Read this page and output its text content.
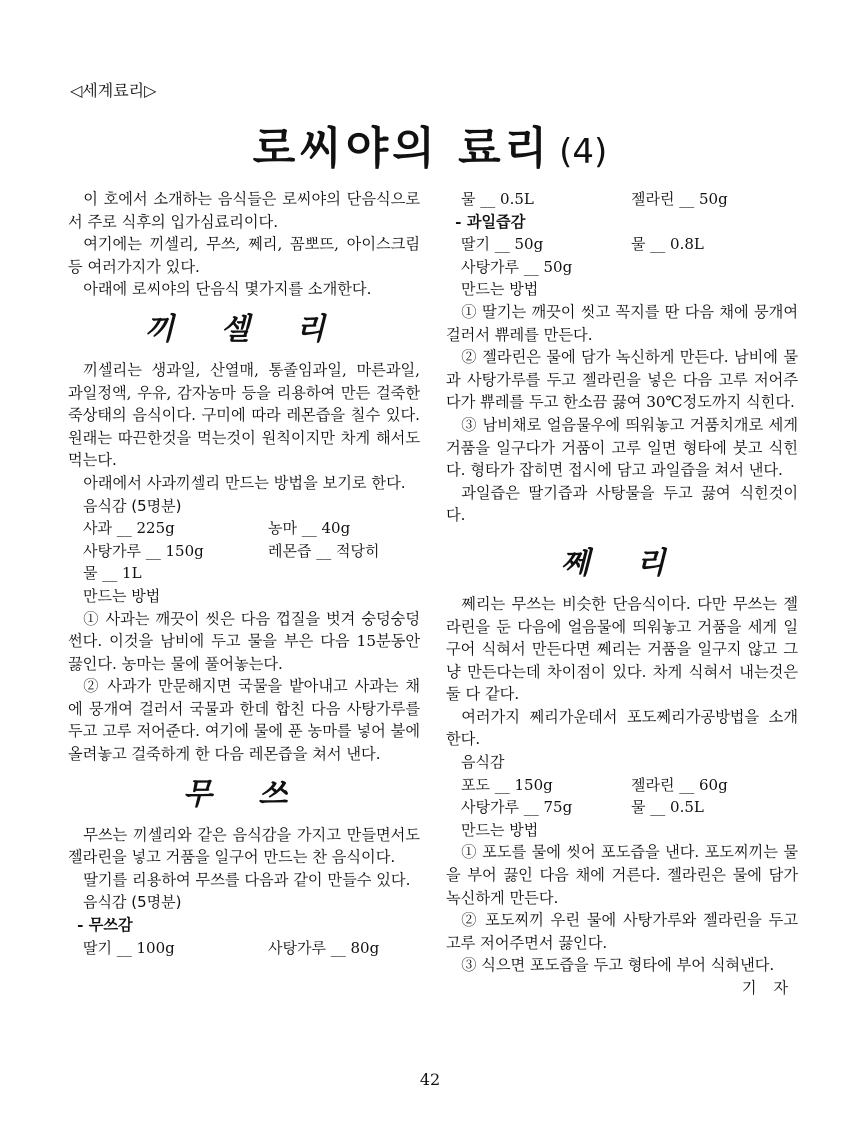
◁세계료리▷
로씨야의 료리 (4)

이 호에서 소개하는 음식들은 로씨야의 단음식으로서 주로 식후의 입가심료리이다.

여기에는 끼셀리, 무쓰, 쩨리, 꼼뽀뜨, 아이스크림 등 여러가지가 있다.

아래에 로씨야의 단음식 몇가지를 소개한다.

끼 셀 리

끼셀리는 생과일, 산열매, 통졸임과일, 마른과일, 과일정액, 우유, 감자농마 등을 리용하여 만든 걸죽한 죽상태의 음식이다. 구미에 따라 레몬즙을 칠수 있다. 원래는 따끈한것을 먹는것이 원칙이지만 차게 해서도 먹는다.

아래에서 사과끼셀리 만드는 방법을 보기로 한다.

음식감 (5명분)
사과 __ 225g	농마 __ 40g
사탕가루 __ 150g	레몬즙 __ 적당히
물 __ 1L
만드는 방법

① 사과는 깨끗이 씻은 다음 껍질을 벗겨 숭덩숭덩 썬다. 이것을 남비에 두고 물을 부은 다음 15분동안 끓인다. 농마는 물에 풀어놓는다.

② 사과가 만문해지면 국물을 밭아내고 사과는 채에 뭉개여 걸러서 국물과 한데 합친 다음 사탕가루를 두고 고루 저어준다. 여기에 물에 푼 농마를 넣어 불에 올려놓고 걸죽하게 한 다음 레몬즙을 쳐서 낸다.

무 쓰

무쓰는 끼셀리와 같은 음식감을 가지고 만들면서도 젤라린을 넣고 거품을 일구어 만드는 찬 음식이다.

딸기를 리용하여 무쓰를 다음과 같이 만들수 있다.

음식감 (5명분)
- 무쓰감
딸기 __ 100g	사탕가루 __ 80g
물 __ 0.5L	젤라린 __ 50g
- 과일즙감
딸기 __ 50g	물 __ 0.8L
사탕가루 __ 50g
만드는 방법

① 딸기는 깨끗이 씻고 꼭지를 딴 다음 채에 뭉개여 걸러서 쀼레를 만든다.

② 젤라린은 물에 담가 녹신하게 만든다. 남비에 물과 사탕가루를 두고 젤라린을 넣은 다음 고루 저어주다가 쀼레를 두고 한소끔 끓여 30℃정도까지 식힌다.

③ 남비채로 얼음물우에 띄워놓고 거품치개로 세게 거품을 일구다가 거품이 고루 일면 형타에 붓고 식힌다. 형타가 잡히면 접시에 담고 과일즙을 쳐서 낸다.

과일즙은 딸기즙과 사탕물을 두고 끓여 식힌것이다.

쩨 리

쩨리는 무쓰는 비슷한 단음식이다. 다만 무쓰는 젤라린을 둔 다음에 얼음물에 띄워놓고 거품을 세게 일구어 식혀서 만든다면 쩨리는 거품을 일구지 않고 그냥 만든다는데 차이점이 있다. 차게 식혀서 내는것은 둘 다 같다.

여러가지 쩨리가운데서 포도쩨리가공방법을 소개한다.

음식감
포도 __ 150g	젤라린 __ 60g
사탕가루 __ 75g	물 __ 0.5L
만드는 방법

① 포도를 물에 씻어 포도즙을 낸다. 포도찌끼는 물을 부어 끓인 다음 채에 거른다. 젤라린은 물에 담가 녹신하게 만든다.

② 포도찌끼 우린 물에 사탕가루와 젤라린을 두고 고루 저어주면서 끓인다.

③ 식으면 포도즙을 두고 형타에 부어 식혀낸다.

기 자
42
